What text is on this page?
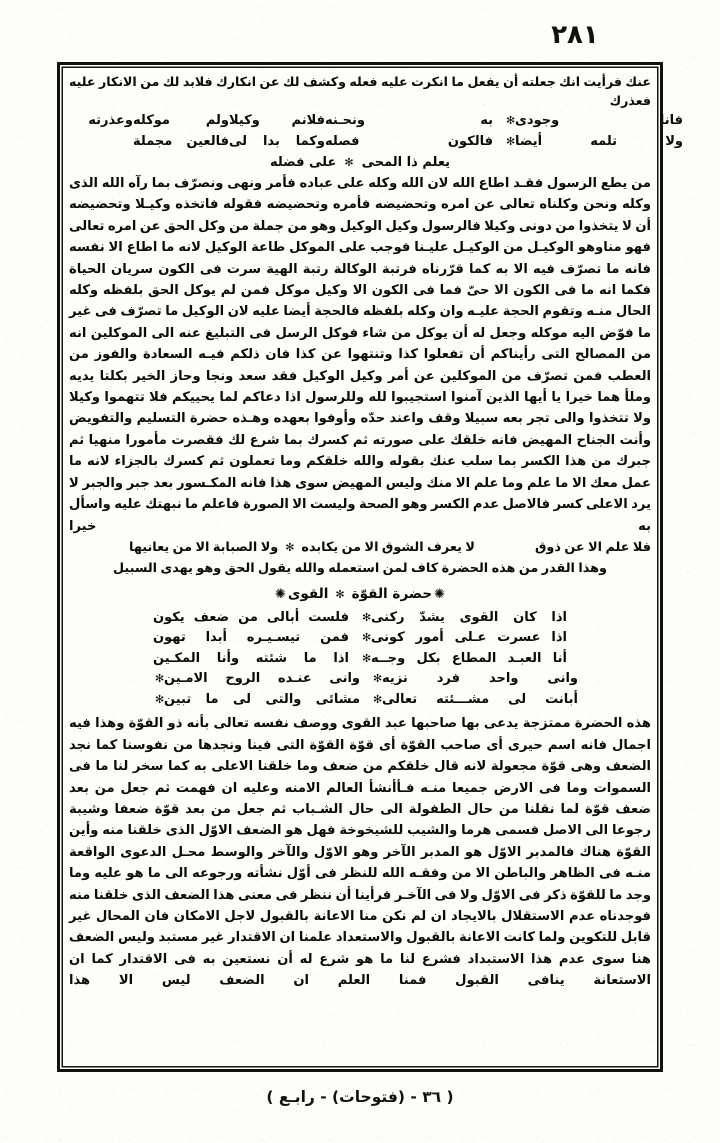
٢٨١
عنك فرأيت انك جعلته أن يفعل ما انكرت عليه فعله وكشف لك عن انكارك فلابد لك من الانكار عليه فعذرك
فانا وجودى
✻
به ونحـنه
فلانم وكيلا
ولم موكله
وعذرته
ولا تلمه أيضا
✻
فالكون فصله
وكما بدا لى
فالعين مجملة
يعلم ذا المحى✻على فضله
من يطع الرسول فقـد اطاع الله لان الله وكله على عباده فأمر ونهى ونصرّف بما رآه الله الذى وكله ونحن وكلناه تعالى عن امره وتحضيضه فأمره وتحضيضه فقوله فاتخذه وكيـلا وتحضيضه أن لا يتخذوا من دونى وكيلا فالرسول وكيل الوكيل وهو من جملة من وكل الحق عن امره تعالى فهو مناوهو الوكيـل من الوكيـل عليـنا فوجب على الموكل طاعة الوكيل لانه ما اطاع الا نفسه فانه ما تصرّف فيه الا به كما قرّرناه فرتبة الوكالة رتبة الهية سرت فى الكون سريان الحياة فكما انه ما فى الكون الا حىّ فما فى الكون الا وكيل موكل فمن لم يوكل الحق بلفظه وكله الحال منـه وتقوم الحجة عليـه وان وكله بلفظه فالحجة أيضا عليه لان الوكيل ما تصرّف فى غير ما فوّض اليه موكله وجعل له أن يوكل من شاء فوكل الرسل فى التبليغ عنه الى الموكلين انه من المصالح التى رأيناكم أن تفعلوا كذا وتنتهوا عن كذا فان ذلكم فيـه السعادة والفوز من العطب فمن تصرّف من الموكلين عن أمر وكيل الوكيل فقد سعد ونجا وحاز الخير بكلتا يديه وملأ هما خيرا يا أيها الذين آمنوا استجيبوا لله وللرسول اذا دعاكم لما يحييكم فلا تتهموا وكيلا ولا تتخذوا والى تجر بعه سبيلا وقف واعند حدّه وأوفوا بعهده وهـذه حضرة التسليم والتفويض وأنت الجناح المهيض فانه خلقك على صورته ثم كسرك بما شرع لك فقصرت مأمورا منهيا ثم جبرك من هذا الكسر بما سلب عنك بقوله والله خلقكم وما تعملون ثم كسرك بالجزاء لانه ما عمل معك الا ما علم وما علم الا منك وليس المهيض سوى هذا فانه المكـسور بعد جبر والجبر لا يرد الاعلى كسر فالاصل عدم الكسر وهو الصحة وليست الا الصورة فاعلم ما نبهتك عليه واسأل به خيرا
فلا علم الا عن ذوق
لا يعرف الشوق الا من يكابده✻ولا الصبابة الا من يعانيها
وهذا القدر من هذه الحضرة كاف لمن استعمله والله يقول الحق وهو يهدى السبيل
✺حضرة القوّة✻القوى✺
اذا كان القوى يشدّ ركنى
✻
فلست أبالى من ضعف يكون
اذا عسرت عـلى أمور كونى
✻
فمن تيسـيـره أبدا تهون
أنا العبـد المطاع بكل وجــه
✻
اذا ما شئته وأنا المكـين
وانى واحد فرد نزيه
✻
وانى عنـده الروح الامـين
✻
أبانت لى مشـــئته تعالى
✻
مشائى والتى لى ما تبين
✻
هذه الحضرة ممتزجة يدعى بها صاحبها عبد القوى ووصف نفسه تعالى بأنه ذو القوّة وهذا فيه اجمال فانه اسم حيرى أى صاحب القوّة أى قوّة القوّة التى فينا ونجدها من نفوسنا كما نجد الضعف وهى قوّة مجعولة لانه قال خلقكم من ضعف وما خلقنا الاعلى به كما سخر لنا ما فى السموات وما فى الارض جميعا منـه فـأأنشأ العالم الامنه وعليه ان فهمت ثم جعل من بعد ضعف قوّة لما نقلنا من حال الطفولة الى حال الشـباب ثم جعل من بعد قوّة ضعفا وشيبة رجوعا الى الاصل فسمى هرما والشيب للشيخوخة فهل هو الضعف الاوّل الذى خلقنا منه وأين القوّة هناك فالمدبر الاوّل هو المدبر الآخر وهو الاوّل والآخر والوسط محـل الدعوى الواقعة منـه فى الظاهر والباطن الا من وفقـه الله للنظر فى أوّل نشأته ورجوعه الى ما هو عليه وما وجد ما للقوّة ذكر فى الاوّل ولا فى الآخـر فرأينا أن ننظر فى معنى هذا الضعف الذى خلقنا منه فوجدناه عدم الاستقلال بالايجاد ان لم نكن منا الاعانة بالقبول لاجل الامكان فان المحال غير قابل للتكوين ولما كانت الاعانة بالقبول والاستعداد علمنا ان الاقتدار غير مستبد وليس الضعف هنا سوى عدم هذا الاستبداد فشرع لنا ما هو شرع له أن نستعين به فى الاقتدار كما ان الاستعانة ينافى القبول فمنا العلم ان الضعف ليس الا هذا
( ٣٦ - (فتوحات) - رابـع )
